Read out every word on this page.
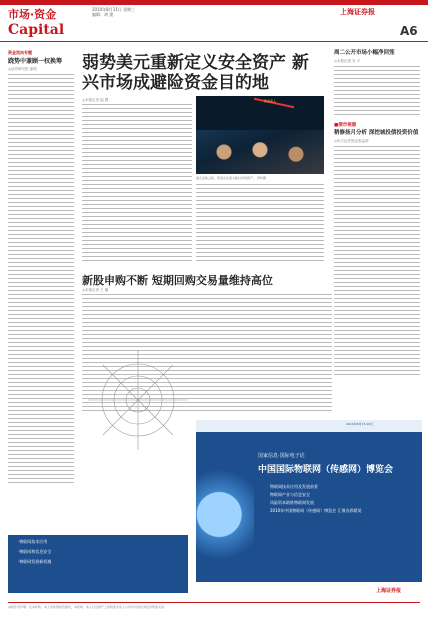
市场·资金
Capital
2010年8月11日 星期三
编辑：胡 建	上海证券报
A6
资金流向专题
跷势中兼顾一权换筹
◎证券研究院 邵明	弱势美元重新定义安全资产 新兴市场成避险资金目的地
◎本报记者 陆 慧	资金流入
美元走软之际，资金正在流入新兴市场资产。 资料图
周二公开市场小幅净回笼
◎本报记者 吴 宇
■债市视窗
稍修扬月分析 深挖城投债投资价值
◎东方证券固定收益部
新股申购不断 短期回购交易量维持高位
◎本报记者 王 刚
2010年8月13-16日
国家信息·国际电子论
中国国际物联网（传感网）博览会
物联网技术应用及发展前景
物联网产业与信息安全
风险资本助推物联网发展
2010年中国物联网（传感网）博览会 汇聚各界精英
上海证券报
·物联网技术应用
·物联网和信息安全
·物联网发展新机遇
本版作者声明：在本机构、本人所知情的范围内，本机构、本人以及财产上的利害关系人与所评价的证券没有利害关系。
